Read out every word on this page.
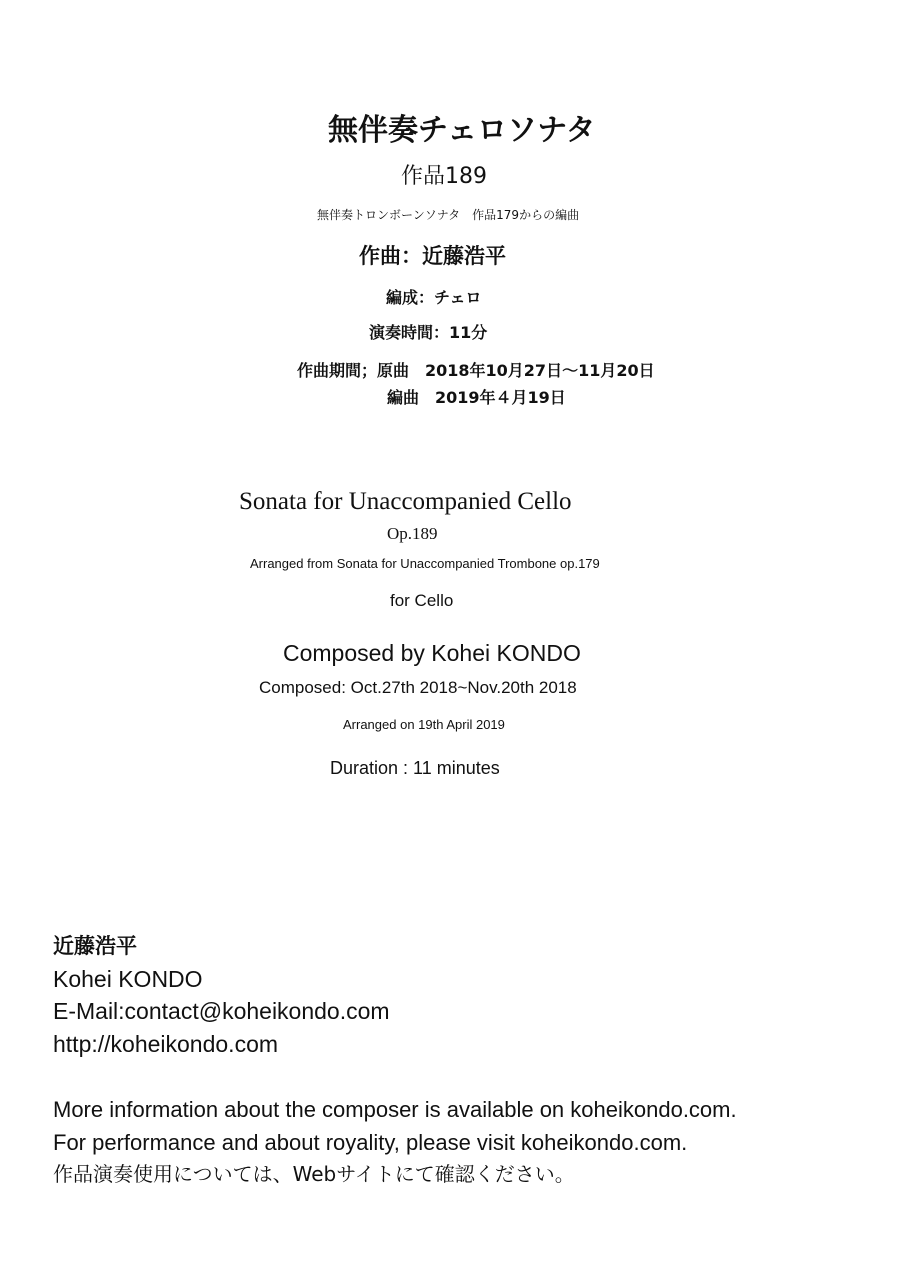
無伴奏チェロソナタ
作品189
無伴奏トロンボーンソナタ　作品179からの編曲
作曲：近藤浩平
編成：チェロ
演奏時間：11分
作曲期間；原曲　2018年10月27日〜11月20日
編曲　2019年４月19日
Sonata for Unaccompanied Cello
Op.189
Arranged from Sonata for Unaccompanied Trombone op.179
for Cello
Composed by Kohei KONDO
Composed: Oct.27th 2018~Nov.20th 2018
Arranged on 19th April 2019
Duration : 11 minutes
近藤浩平
Kohei KONDO
E-Mail:contact@koheikondo.com
http://koheikondo.com
More information about the composer is available on koheikondo.com.
For performance and about royality, please visit koheikondo.com.
作品演奏使用については、Webサイトにて確認ください。
